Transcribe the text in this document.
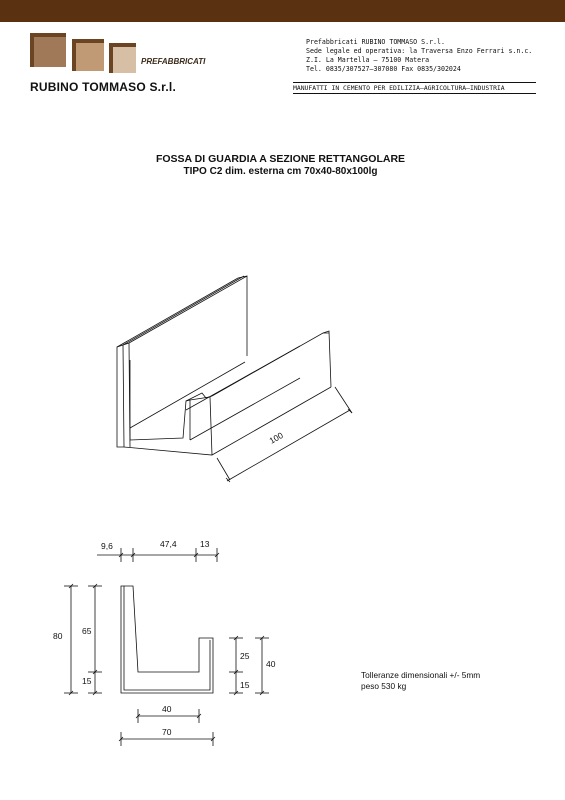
PREFABBRICATI
RUBINO TOMMASO S.r.l.
Prefabbricati RUBINO TOMMASO S.r.l.
Sede legale ed operativa: la Traversa Enzo Ferrari s.n.c.
Z.I. La Martella – 75100 Matera
Tel. 0835/307527–307080 Fax 0835/302024
MANUFATTI IN CEMENTO PER EDILIZIA–AGRICOLTURA–INDUSTRIA
FOSSA DI GUARDIA A SEZIONE RETTANGOLARE
TIPO C2 dim. esterna cm 70x40-80x100lg
100
9,6	47,4	13
80 65
15
25
15
40
40
70
Tolleranze dimensionali +/- 5mm
peso 530 kg
